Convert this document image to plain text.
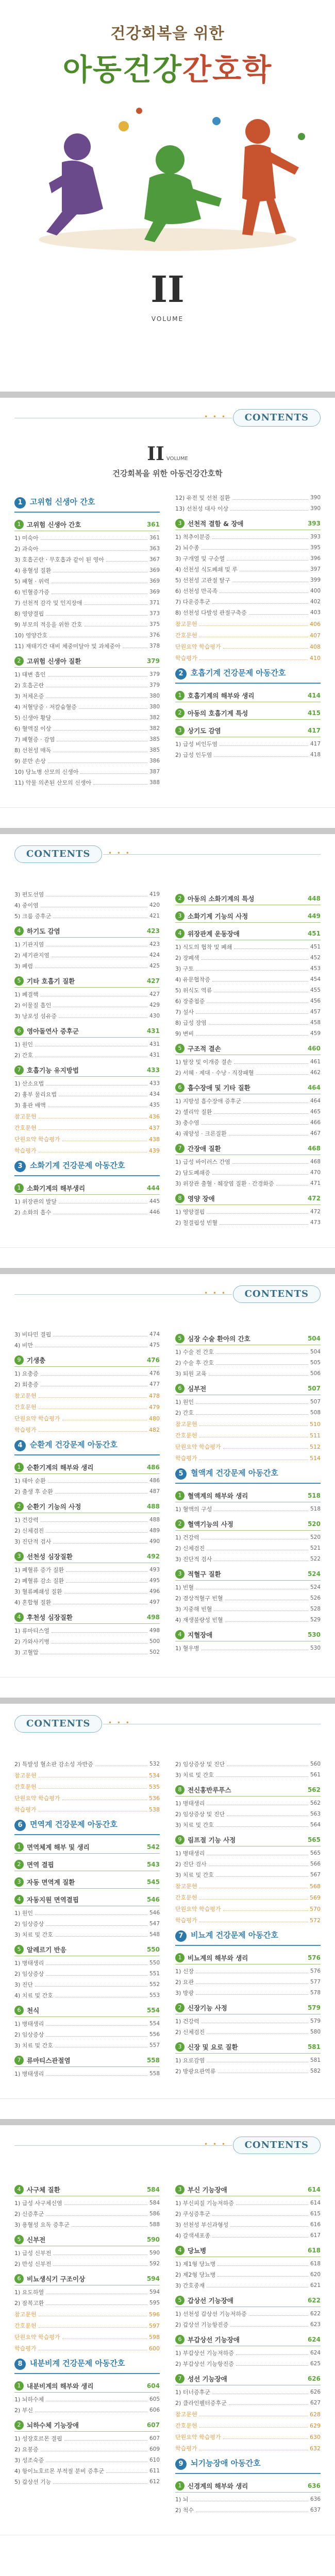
건강회복을 위한
아동건강간호학
II
VOLUME
• • •	CONTENTS
II VOLUME
건강회복을 위한 아동건강간호학
1 고위험 신생아 간호
1 고위험 신생아 간호	361
1) 미숙아	361
2) 과숙아	363
3) 호흡곤란 · 무호흡과 같이 된 영아	367
4) 용혈성 질환	369
5) 패혈 · 위력	369
6) 빈혈증가증	369
7) 선천적 감각 및 인지장애	371
8) 영양결핍	373
9) 부모의 적응을 위한 간호	375
10) 영양간호	376
11) 재태기간 대비 체중미달아 및 과체중아	378
2 고위험 신생아 질환	379
1) 태변 흡인	379
2) 호흡곤란	379
3) 저체온증	380
4) 저혈당증 · 저칼슘혈증	380
5) 신생아 황달	382
6) 혈액질 이상	382
7) 패혈증 · 감염	385
8) 선천성 매독	385
9) 분만 손상	386
10) 당뇨병 산모의 신생아	387
11) 약물 의존된 산모의 신생아	388
12) 유전 및 선천 질환	390
13) 선천성 대사 이상	390
3 선천적 결함 & 장애	393
1) 척추이분증	393
2) 뇌수종	395
3) 구개열 및 구순열	396
4) 선천성 식도폐쇄 및 루	397
5) 선천성 고관절 탈구	399
6) 선천성 만곡족	400
7) 다운증후군	402
8) 선천성 다발성 관절구축증	403
참고문헌	406
간호문헌	407
단원요약 학습평가	408
학습평가	410
2 호흡기계 건강문제 아동간호
1 호흡기계의 해부와 생리	414
2 아동의 호흡기계 특성	415
3 상기도 감염	417
1) 급성 비인두염	417
2) 급성 인두염	418
• • •
CONTENTS
3) 편도선염	419
4) 중이염	420
5) 크룹 증후군	421
4 하기도 감염	423
1) 기관지염	423
2) 세기관지염	424
3) 폐렴	425
5 기타 호흡기 질환	427
1) 폐결핵	427
2) 이물질 흡인	429
3) 낭포성 섬유증	430
6 영아돌연사 증후군	431
1) 원인	431
2) 간호	431
7 호흡기능 유지방법	433
1) 산소요법	433
2) 흉부 물리요법	434
3) 흉관 배액	435
참고문헌	436
간호문헌	437
단원요약 학습평가	438
학습평가	439
3 소화기계 건강문제 아동간호
1 소화기계의 해부생리	444
1) 위장관의 발달	445
2) 소화의 흡수	446
2 아동의 소화기계의 특성	448
3 소화기계 기능의 사정	449
4 위장관계 운동장애	451
1) 식도의 협착 및 폐쇄	451
2) 장폐색	452
3) 구토	453
4) 유문협착증	454
5) 위식도 역류	455
6) 장중첩증	456
7) 설사	457
8) 급성 장염	458
9) 변비	459
5 구조적 결손	460
1) 탈장 및 이개증 결손	461
2) 서혜 · 제대 · 수낭 · 직장패혈	462
6 흡수장애 및 기타 질환	464
1) 지방성 흡수장애 증후군	464
2) 셀리악 질환	465
3) 충수염	466
4) 궤양성 · 크론질환	467
7 간장애 질환	468
1) 급성 바이러스 간염	468
2) 담도폐쇄증	470
3) 위장관 출혈 · 췌장염 질환 · 간경화증	471
8 영양 장애	472
1) 영양결핍	472
2) 철결핍성 빈혈	473
• • •	CONTENTS
3) 비타민 결핍	474
4) 비만	475
9 기생충	476
1) 요충증	476
2) 회충증	477
참고문헌	478
간호문헌	479
단원요약 학습평가	480
학습평가	482
4 순환계 건강문제 아동간호
1 순환기계의 해부와 생리	486
1) 태아 순환	486
2) 출생 후 순환	487
2 순환기 기능의 사정	488
1) 건강력	488
2) 신체검진	489
3) 진단적 검사	490
3 선천성 심장질환	492
1) 폐혈류 증가 질환	493
2) 폐혈류 감소 질환	495
3) 혈류폐쇄성 질환	496
4) 혼합형 질환	497
4 후천성 심장질환	498
1) 류마티스열	498
2) 가와사키병	500
3) 고혈압	502
5 심장 수술 환아의 간호	504
1) 수술 전 간호	504
2) 수술 후 간호	505
3) 퇴원 교육	506
6 심부전	507
1) 원인	507
2) 간호	508
참고문헌	510
간호문헌	511
단원요약 학습평가	512
학습평가	514
5 혈액계 건강문제 아동간호
1 혈액계의 해부와 생리	518
1) 혈액의 구성	518
2 혈액기능의 사정	520
1) 건강력	520
2) 신체검진	521
3) 진단적 검사	522
3 적혈구 질환	524
1) 빈혈	524
2) 겸상적혈구 빈혈	526
3) 지중해 빈혈	528
4) 재생불량성 빈혈	529
4 지혈장애	530
1) 혈우병	530
• • •
CONTENTS
2) 특발성 혈소판 감소성 자반증	532
참고문헌	534
간호문헌	535
단원요약 학습평가	536
학습평가	538
6 면역계 건강문제 아동간호
1 면역체계 해부 및 생리	542
2 면역 결핍	543
3 자동 면역계 질환	545
4 자동지원 면역결핍	546
1) 원인	546
2) 임상증상	547
3) 치료 및 간호	548
5 알레르기 반응	550
1) 병태생리	550
2) 임상증상	551
3) 진단	552
4) 치료 및 간호	553
6 천식	554
1) 병태생리	554
2) 임상증상	556
3) 치료 및 간호	557
7 류마티스관절염	558
1) 병태생리	558
2) 임상증상 및 진단	560
3) 치료 및 간호	561
8 전신홍반루푸스	562
1) 병태생리	562
2) 임상증상 및 진단	563
3) 치료 및 간호	564
9 림프절 기능 사정	565
1) 병태생리	565
2) 진단 검사	566
3) 치료 및 간호	567
참고문헌	568
간호문헌	569
단원요약 학습평가	570
학습평가	572
7 비뇨계 건강문제 아동간호
1 비뇨계의 해부와 생리	576
1) 신장	576
2) 요관	577
3) 방광	578
2 신장기능 사정	579
1) 건강력	579
2) 신체검진	580
3 신장 및 요로 질환	581
1) 요로감염	581
2) 방광요관역류	582
• • •	CONTENTS
4 사구체 질환	584
1) 급성 사구체신염	584
2) 신증후군	586
3) 용혈성 요독 증후군	588
5 신부전	590
1) 급성 신부전	590
2) 만성 신부전	592
6 비뇨생식기 구조이상	594
1) 요도하열	594
2) 잠복고환	595
참고문헌	596
간호문헌	597
단원요약 학습평가	598
학습평가	600
8 내분비계 건강문제 아동간호
1 내분비계의 해부와 생리	604
1) 뇌하수체	605
2) 부신	606
2 뇌하수체 기능장애	607
1) 성장호르몬 결핍	607
2) 요붕증	609
3) 성조숙증	610
4) 항이뇨호르몬 부적절 분비 증후군	611
5) 갑상선 기능	612
3 부신 기능장애	614
1) 부신피질 기능저하증	614
2) 쿠싱증후군	615
3) 선천성 부신과형성	616
4) 갈색세포종	617
4 당뇨병	618
1) 제1형 당뇨병	618
2) 제2형 당뇨병	620
3) 간호중재	621
5 갑상선 기능장애	622
1) 선천성 갑상선 기능저하증	622
2) 갑상선 기능항진증	623
6 부갑상선 기능장애	624
1) 부갑상선 기능저하증	624
2) 부갑상선 기능항진증	625
7 성선 기능장애	626
1) 터너증후군	626
2) 클라인펠터증후군	627
참고문헌	628
간호문헌	629
단원요약 학습평가	630
학습평가	632
9 뇌기능장애 아동간호
1 신경계의 해부와 생리	636
1) 뇌	636
2) 척수	637
